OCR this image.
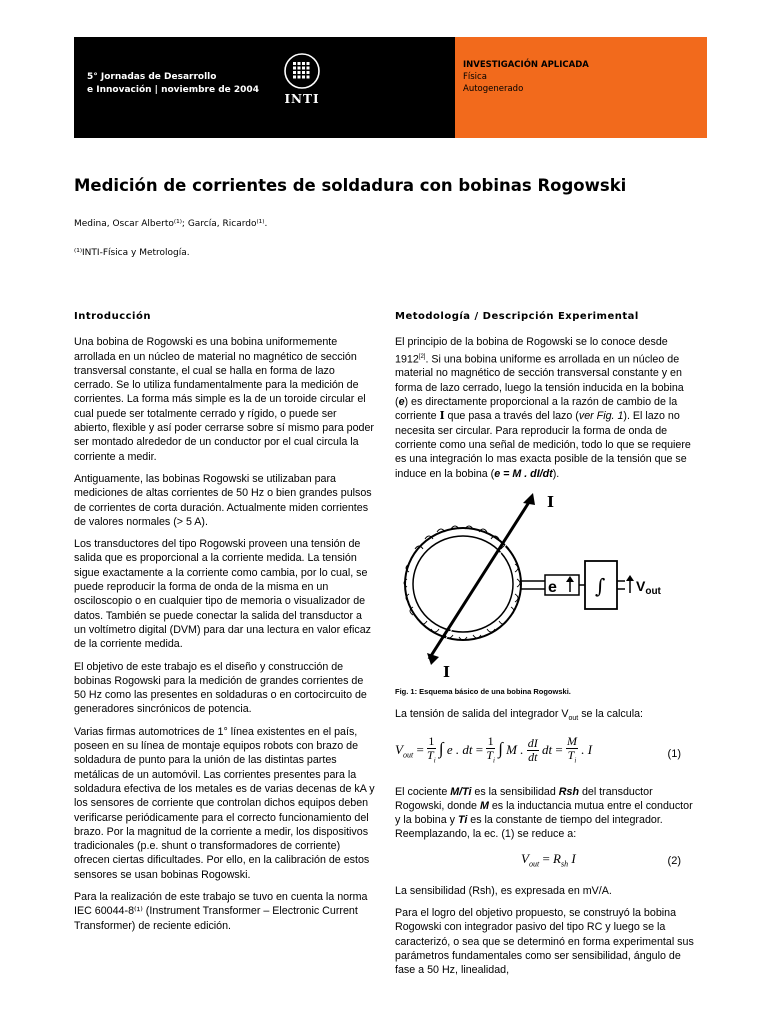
5° Jornadas de Desarrollo
e Innovación | noviembre de 2004
INTI
INVESTIGACIÓN APLICADA
Física
Autogenerado
Medición de corrientes de soldadura con bobinas Rogowski
Medina, Oscar Alberto⁽¹⁾; García, Ricardo⁽¹⁾.
⁽¹⁾INTI-Física y Metrología.

Introducción

Una bobina de Rogowski es una bobina uniformemente arrollada en un núcleo de material no magnético de sección transversal constante, el cual se halla en forma de lazo cerrado. Se lo utiliza fundamentalmente para la medición de corrientes. La forma más simple es la de un toroide circular el cual puede ser totalmente cerrado y rígido, o puede ser abierto, flexible y así poder cerrarse sobre sí mismo para poder ser montado alrededor de un conductor por el cual circula la corriente a medir.

Antiguamente, las bobinas Rogowski se utilizaban para mediciones de altas corrientes de 50 Hz o bien grandes pulsos de corrientes de corta duración. Actualmente miden corrientes de valores normales (> 5 A).

Los transductores del tipo Rogowski proveen una tensión de salida que es proporcional a la corriente medida. La tensión sigue exactamente a la corriente como cambia, por lo cual, se puede reproducir la forma de onda de la misma en un osciloscopio o en cualquier tipo de memoria o visualizador de datos. También se puede conectar la salida del transductor a un voltímetro digital (DVM) para dar una lectura en valor eficaz de la corriente medida.

El objetivo de este trabajo es el diseño y construcción de bobinas Rogowski para la medición de grandes corrientes de 50 Hz como las presentes en soldaduras o en cortocircuito de generadores sincrónicos de potencia.

Varias firmas automotrices de 1° línea existentes en el país, poseen en su línea de montaje equipos robots con brazo de soldadura de punto para la unión de las distintas partes metálicas de un automóvil. Las corrientes presentes para la soldadura efectiva de los metales es de varias decenas de kA y los sensores de corriente que controlan dichos equipos deben verificarse periódicamente para el correcto funcionamiento del brazo. Por la magnitud de la corriente a medir, los dispositivos tradicionales (p.e. shunt o transformadores de corriente) ofrecen ciertas dificultades. Por ello, en la calibración de estos sensores se usan bobinas Rogowski.

Para la realización de este trabajo se tuvo en cuenta la norma IEC 60044-8⁽¹⁾ (Instrument Transformer – Electronic Current Transformer) de reciente edición.

Metodología / Descripción Experimental

El principio de la bobina de Rogowski se lo conoce desde 1912[2]. Si una bobina uniforme es arrollada en un núcleo de material no magnético de sección transversal constante y en forma de lazo cerrado, luego la tensión inducida en la bobina (e) es directamente proporcional a la razón de cambio de la corriente I que pasa a través del lazo (ver Fig. 1). El lazo no necesita ser circular. Para reproducir la forma de onda de corriente como una señal de medición, todo lo que se requiere es una integración lo mas exacta posible de la tensión que se induce en la bobina (e = M . dI/dt).

I
I
e ∫ $V_{out}$

Fig. 1: Esquema básico de una bobina Rogowski.

La tensión de salida del integrador $V_{out}$ se la calcula:

$V_{out} = \frac{1}{T_i}$ ∫ e . dt = $\frac{1}{T_i}$ ∫ M . $\frac{dI}{dt}$ dt = $\frac{M}{T_i}$ . I	(1)

El cociente M/Ti es la sensibilidad Rsh del transductor Rogowski, donde M es la inductancia mutua entre el conductor y la bobina y Ti es la constante de tiempo del integrador. Reemplazando, la ec. (1) se reduce a:

$V_{out} = R_{sh}$ I	(2)

La sensibilidad (Rsh), es expresada en mV/A.

Para el logro del objetivo propuesto, se construyó la bobina Rogowski con integrador pasivo del tipo RC y luego se la caracterizó, o sea que se determinó en forma experimental sus parámetros fundamentales como ser sensibilidad, ángulo de fase a 50 Hz, linealidad,
